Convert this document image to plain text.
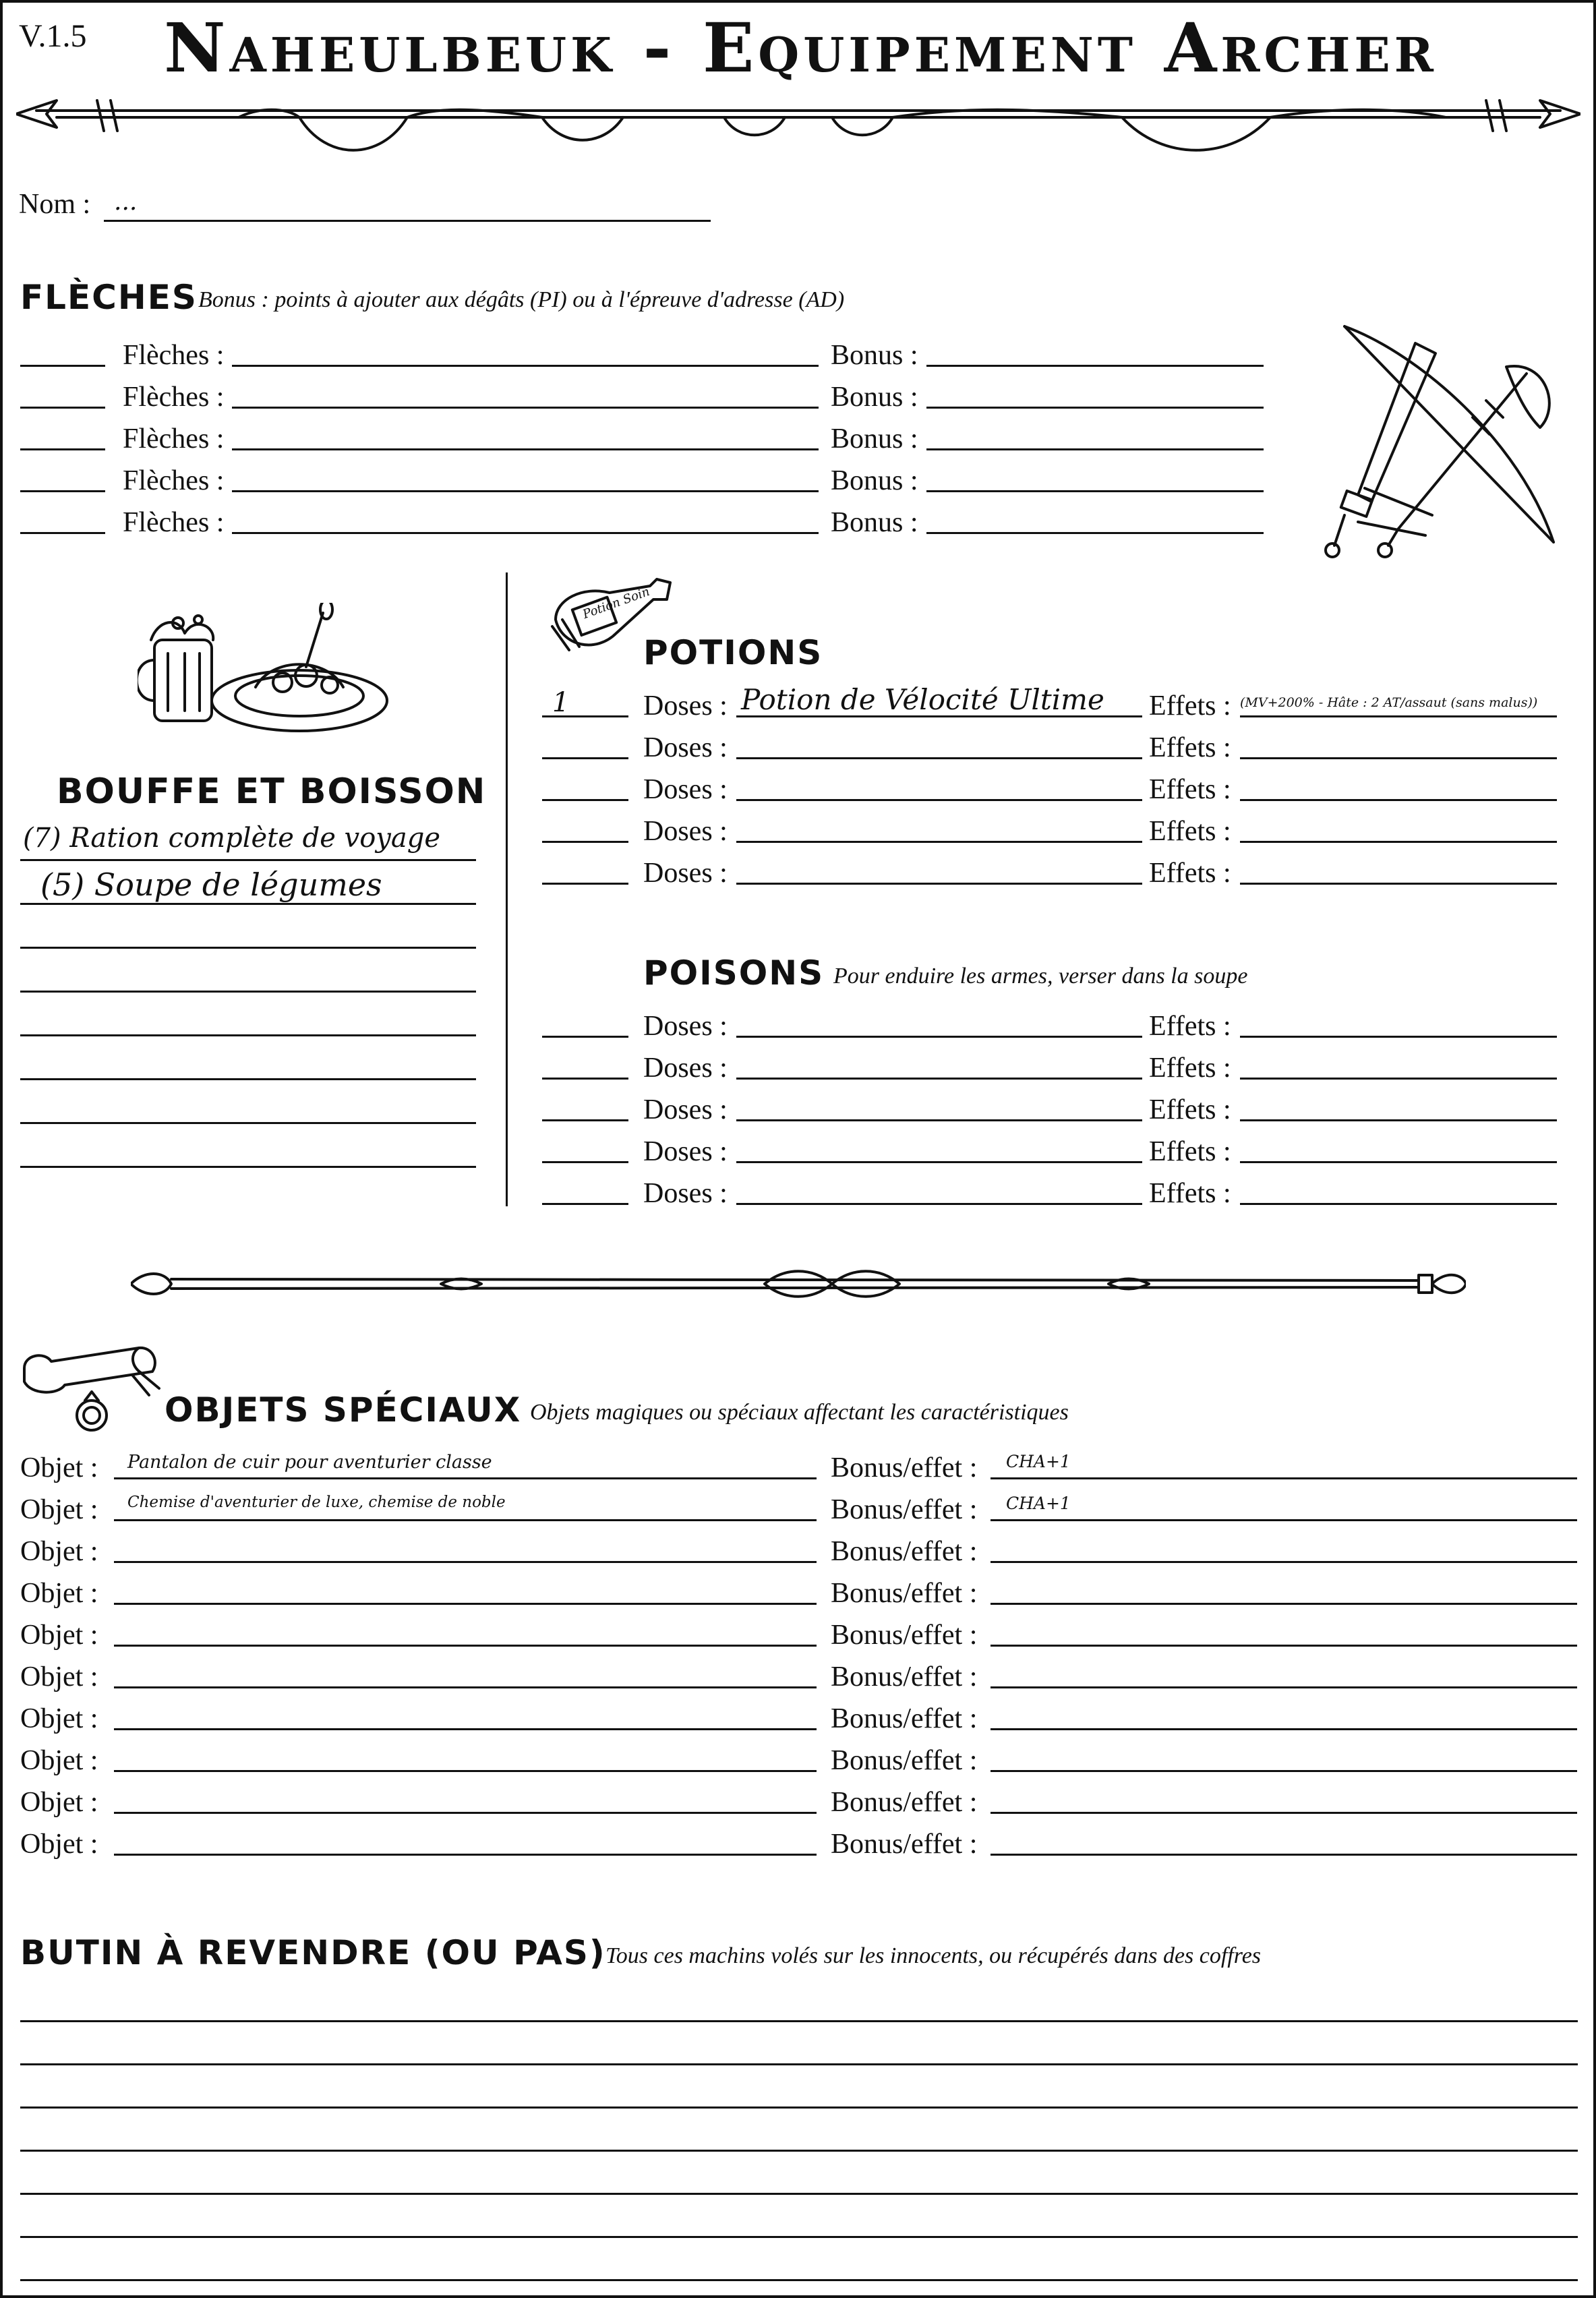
V.1.5	Naheulbeuk - Equipement Archer
Nom : ...
FLÈCHES Bonus : points à ajouter aux dégâts (PI) ou à l'épreuve d'adresse (AD)
Flèches :	Bonus :
Flèches :	Bonus :
Flèches :	Bonus :
Flèches :	Bonus :
Flèches :	Bonus :
BOUFFE ET BOISSON
(7) Ration complète de voyage
(5) Soupe de légumes
Potion Soin
POTIONS
1	Doses : Potion de Vélocité Ultime Effets : (MV+200% - Hâte : 2 AT/assaut (sans malus))
Doses :	Effets :
Doses :	Effets :
Doses :	Effets :
Doses :	Effets :
POISONS Pour enduire les armes, verser dans la soupe
Doses :	Effets :
Doses :	Effets :
Doses :	Effets :
Doses :	Effets :
Doses :	Effets :
OBJETS SPÉCIAUX Objets magiques ou spéciaux affectant les caractéristiques
Objet : Pantalon de cuir pour aventurier classe	Bonus/effet : CHA+1
Objet : Chemise d'aventurier de luxe, chemise de noble	Bonus/effet : CHA+1
Objet :	Bonus/effet :
Objet :	Bonus/effet :
Objet :	Bonus/effet :
Objet :	Bonus/effet :
Objet :	Bonus/effet :
Objet :	Bonus/effet :
Objet :	Bonus/effet :
Objet :	Bonus/effet :
BUTIN À REVENDRE (OU PAS) Tous ces machins volés sur les innocents, ou récupérés dans des coffres
